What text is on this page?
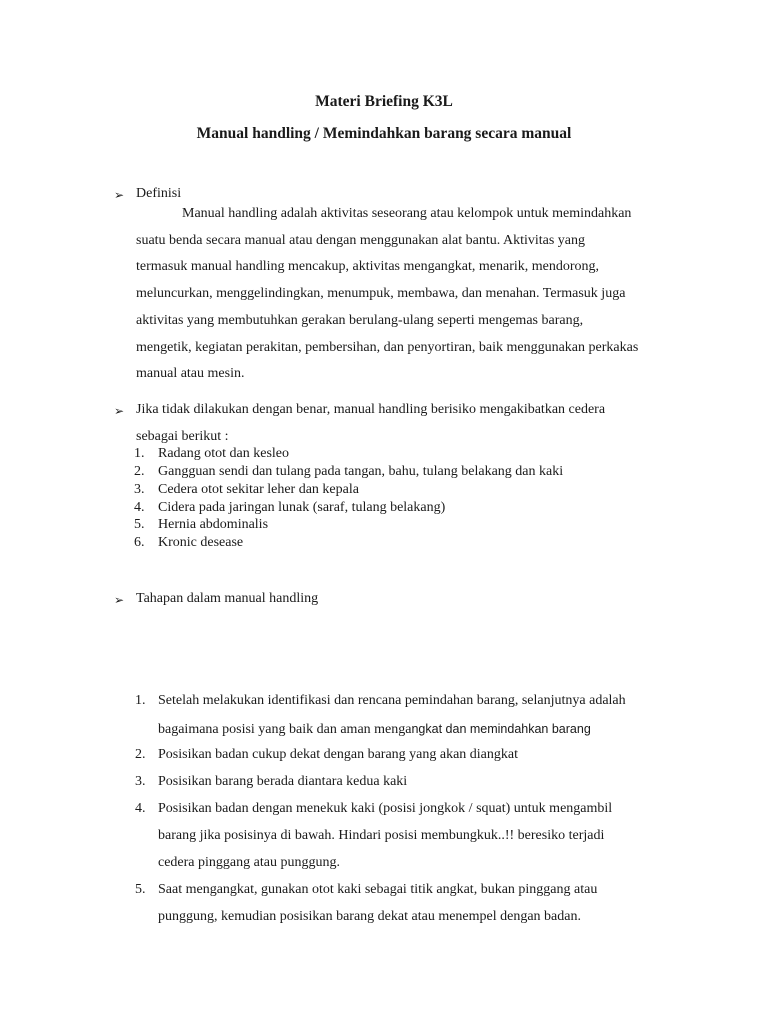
Materi Briefing K3L
Manual handling / Memindahkan barang secara manual
➢ Definisi
Manual handling adalah aktivitas seseorang atau kelompok untuk memindahkan
suatu benda secara manual atau dengan menggunakan alat bantu. Aktivitas yang
termasuk manual handling mencakup, aktivitas mengangkat, menarik, mendorong,
meluncurkan, menggelindingkan, menumpuk, membawa, dan menahan. Termasuk juga
aktivitas yang membutuhkan gerakan berulang-ulang seperti mengemas barang,
mengetik, kegiatan perakitan, pembersihan, dan penyortiran, baik menggunakan perkakas
manual atau mesin.
➢ Jika tidak dilakukan dengan benar, manual handling berisiko mengakibatkan cedera
sebagai berikut :
1. Radang otot dan kesleo
2. Gangguan sendi dan tulang pada tangan, bahu, tulang belakang dan kaki
3. Cedera otot sekitar leher dan kepala
4. Cidera pada jaringan lunak (saraf, tulang belakang)
5. Hernia abdominalis
6. Kronic desease
➢ Tahapan dalam manual handling
1. Setelah melakukan identifikasi dan rencana pemindahan barang, selanjutnya adalah
bagaimana posisi yang baik dan aman mengangkat dan memindahkan barang
2. Posisikan badan cukup dekat dengan barang yang akan diangkat
3. Posisikan barang berada diantara kedua kaki
4. Posisikan badan dengan menekuk kaki (posisi jongkok / squat) untuk mengambil
barang jika posisinya di bawah. Hindari posisi membungkuk..!! beresiko terjadi
cedera pinggang atau punggung.
5. Saat mengangkat, gunakan otot kaki sebagai titik angkat, bukan pinggang atau
punggung, kemudian posisikan barang dekat atau menempel dengan badan.
